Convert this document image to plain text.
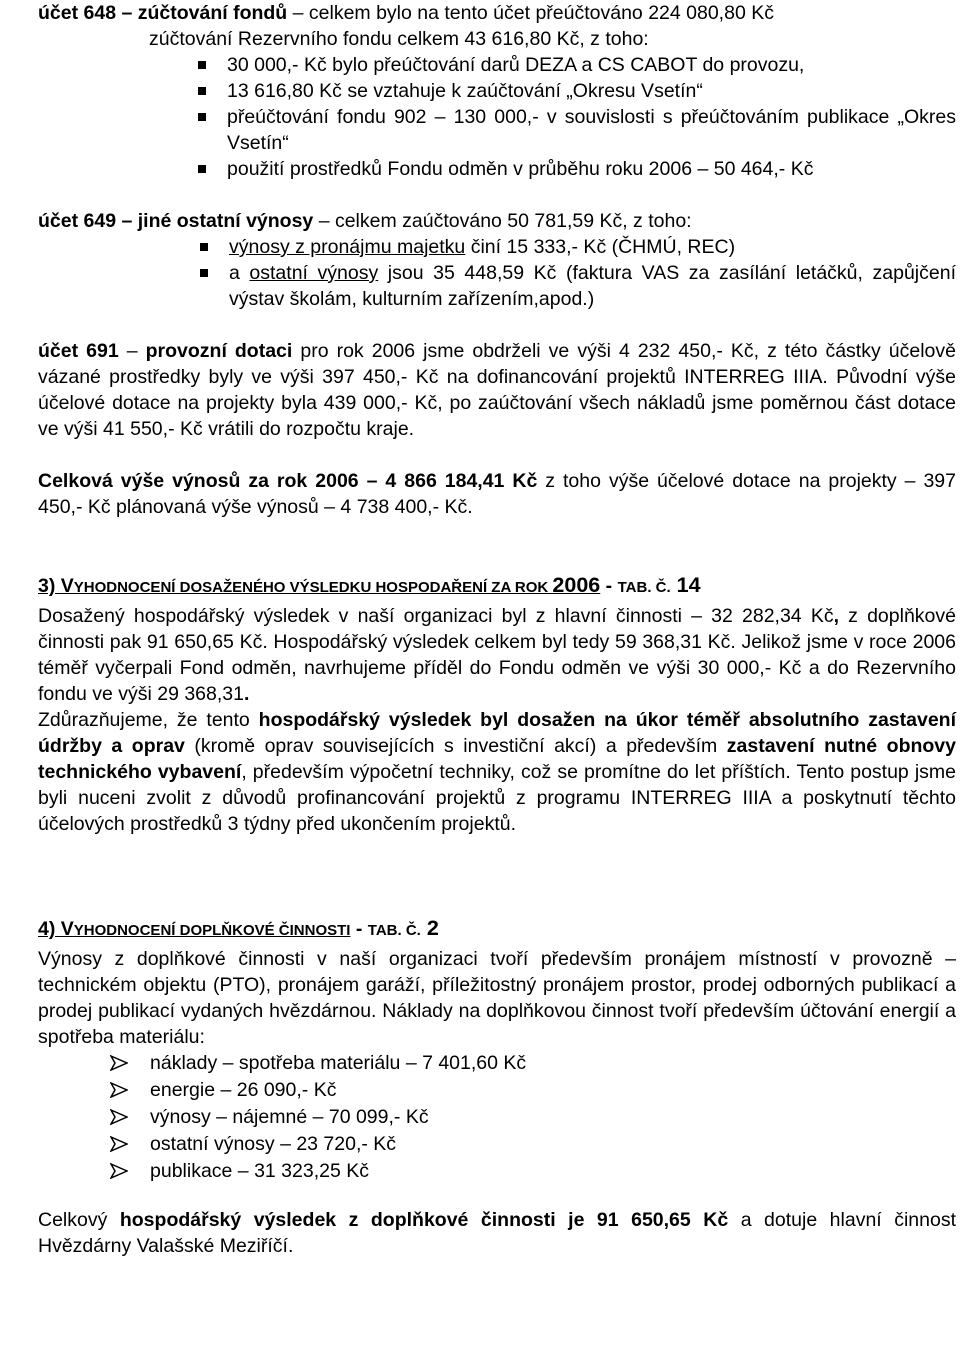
účet 648 – zúčtování fondů – celkem bylo na tento účet přeúčtováno 224 080,80 Kč

zúčtování Rezervního fondu celkem 43 616,80 Kč, z toho:

30 000,- Kč bylo přeúčtování darů DEZA a CS CABOT do provozu,
13 616,80 Kč se vztahuje k zaúčtování „Okresu Vsetín“
přeúčtování fondu 902 – 130 000,- v souvislosti s přeúčtováním publikace „Okres Vsetín“
použití prostředků Fondu odměn v průběhu roku 2006 – 50 464,- Kč

účet 649 – jiné ostatní výnosy – celkem zaúčtováno 50 781,59 Kč, z toho:

výnosy z pronájmu majetku činí 15 333,- Kč (ČHMÚ, REC)
a ostatní výnosy jsou 35 448,59 Kč (faktura VAS za zasílání letáčků, zapůjčení výstav školám, kulturním zařízením,apod.)

účet 691 – provozní dotaci pro rok 2006 jsme obdrželi ve výši 4 232 450,- Kč, z této částky účelově vázané prostředky byly ve výši 397 450,- Kč na dofinancování projektů INTERREG IIIA. Původní výše účelové dotace na projekty byla 439 000,- Kč, po zaúčtování všech nákladů jsme poměrnou část dotace ve výši 41 550,- Kč vrátili do rozpočtu kraje.

Celková výše výnosů za rok 2006 – 4 866 184,41 Kč z toho výše účelové dotace na projekty – 397 450,- Kč plánovaná výše výnosů – 4 738 400,- Kč.

3) VYHODNOCENÍ DOSAŽENÉHO VÝSLEDKU HOSPODAŘENÍ ZA ROK 2006 - TAB. Č. 14

Dosažený hospodářský výsledek v naší organizaci byl z hlavní činnosti – 32 282,34 Kč, z doplňkové činnosti pak 91 650,65 Kč. Hospodářský výsledek celkem byl tedy 59 368,31 Kč. Jelikož jsme v roce 2006 téměř vyčerpali Fond odměn, navrhujeme příděl do Fondu odměn ve výši 30 000,- Kč a do Rezervního fondu ve výši 29 368,31.

Zdůrazňujeme, že tento hospodářský výsledek byl dosažen na úkor téměř absolutního zastavení údržby a oprav (kromě oprav souvisejících s investiční akcí) a především zastavení nutné obnovy technického vybavení, především výpočetní techniky, což se promítne do let příštích. Tento postup jsme byli nuceni zvolit z důvodů profinancování projektů z programu INTERREG IIIA a poskytnutí těchto účelových prostředků 3 týdny před ukončením projektů.

4) VYHODNOCENÍ DOPLŇKOVÉ ČINNOSTI - TAB. Č. 2

Výnosy z doplňkové činnosti v naší organizaci tvoří především pronájem místností v provozně – technickém objektu (PTO), pronájem garáží, příležitostný pronájem prostor, prodej odborných publikací a prodej publikací vydaných hvězdárnou. Náklady na doplňkovou činnost tvoří především účtování energií a spotřeba materiálu:

náklady – spotřeba materiálu – 7 401,60 Kč
energie – 26 090,- Kč
výnosy – nájemné – 70 099,- Kč
ostatní výnosy – 23 720,- Kč
publikace – 31 323,25 Kč

Celkový hospodářský výsledek z doplňkové činnosti je 91 650,65 Kč a dotuje hlavní činnost Hvězdárny Valašské Meziříčí.
